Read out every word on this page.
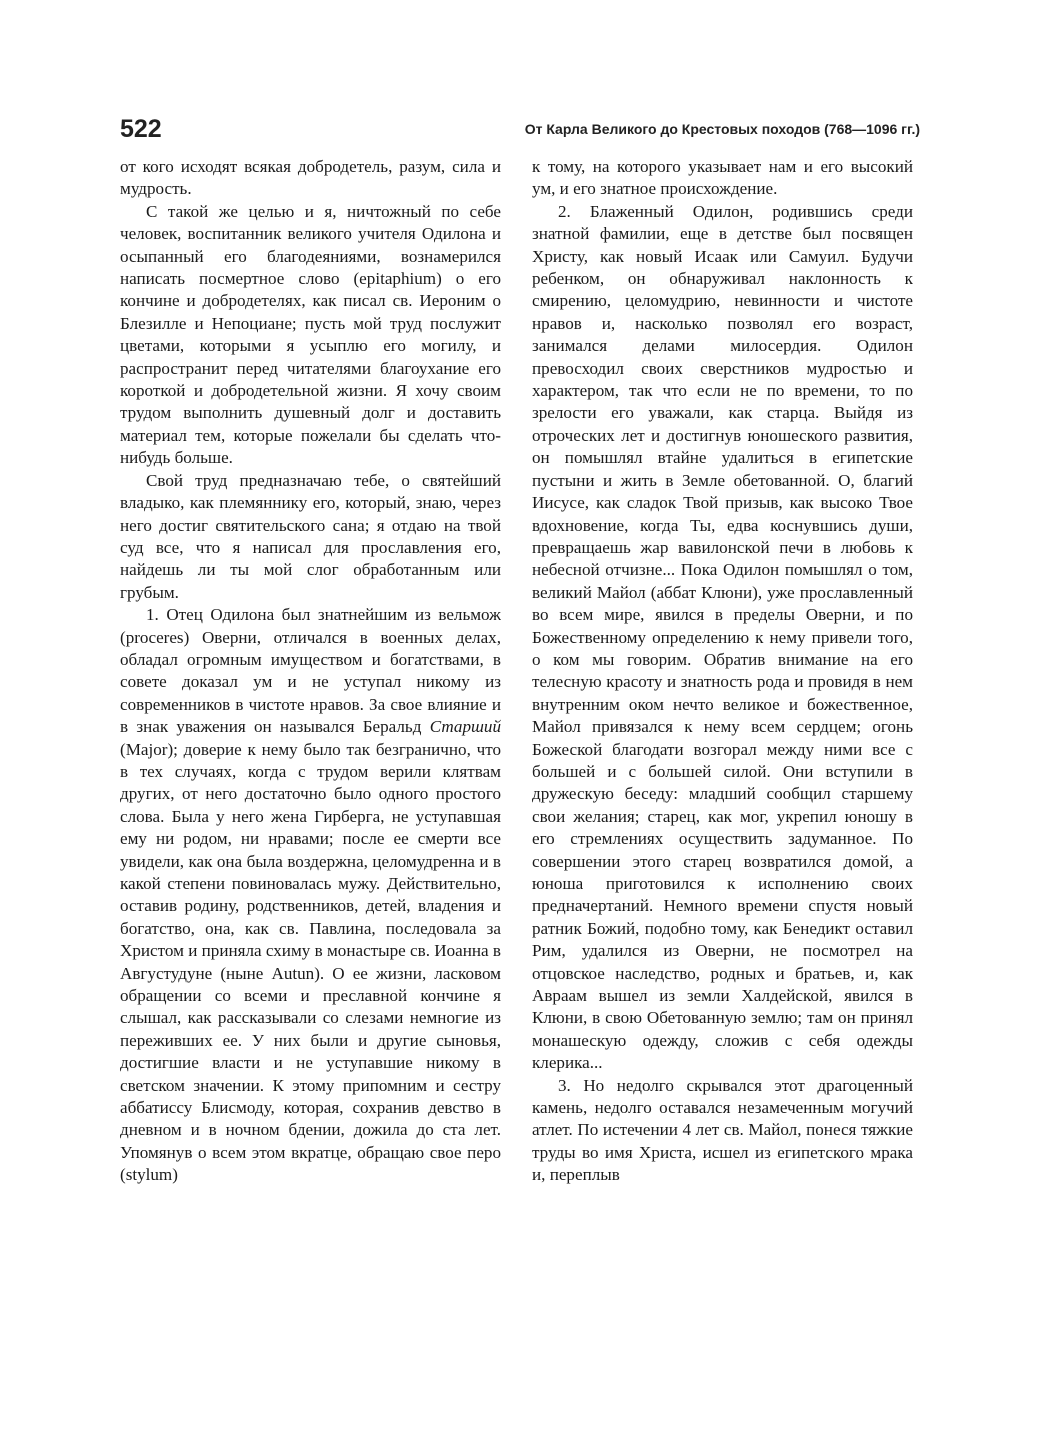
522	От Карла Великого до Крестовых походов (768—1096 гг.)

от кого исходят всякая добродетель, разум, сила и мудрость.

С такой же целью и я, ничтожный по себе человек, воспитанник великого учителя Одилона и осыпанный его благодеяниями, вознамерился написать посмертное слово (epitaphium) о его кончине и добродетелях, как писал св. Иероним о Блезилле и Непоциане; пусть мой труд послужит цветами, которыми я усыплю его могилу, и распространит перед читателями благоухание его короткой и добродетельной жизни. Я хочу своим трудом выполнить душевный долг и доставить материал тем, которые пожелали бы сделать что-нибудь больше.

Свой труд предназначаю тебе, о святейший владыко, как племяннику его, который, знаю, через него достиг святительского сана; я отдаю на твой суд все, что я написал для прославления его, найдешь ли ты мой слог обработанным или грубым.

1. Отец Одилона был знатнейшим из вельмож (proceres) Оверни, отличался в военных делах, обладал огромным имуществом и богатствами, в совете доказал ум и не уступал никому из современников в чистоте нравов. За свое влияние и в знак уважения он назывался Беральд Старший (Major); доверие к нему было так безгранично, что в тех случаях, когда с трудом верили клятвам других, от него достаточно было одного простого слова. Была у него жена Гирберга, не уступавшая ему ни родом, ни нравами; после ее смерти все увидели, как она была воздержна, целомудренна и в какой степени повиновалась мужу. Действительно, оставив родину, родственников, детей, владения и богатство, она, как св. Павлина, последовала за Христом и приняла схиму в монастыре св. Иоанна в Августудуне (ныне Autun). О ее жизни, ласковом обращении со всеми и преславной кончине я слышал, как рассказывали со слезами немногие из переживших ее. У них были и другие сыновья, достигшие власти и не уступавшие никому в светском значении. К этому припомним и сестру аббатиссу Блисмоду, которая, сохранив девство в дневном и в ночном бдении, дожила до ста лет. Упомянув о всем этом вкратце, обращаю свое перо (stylum)

к тому, на которого указывает нам и его высокий ум, и его знатное происхождение.

2. Блаженный Одилон, родившись среди знатной фамилии, еще в детстве был посвящен Христу, как новый Исаак или Самуил. Будучи ребенком, он обнаруживал наклонность к смирению, целомудрию, невинности и чистоте нравов и, насколько позволял его возраст, занимался делами милосердия. Одилон превосходил своих сверстников мудростью и характером, так что если не по времени, то по зрелости его уважали, как старца. Выйдя из отроческих лет и достигнув юношеского развития, он помышлял втайне удалиться в египетские пустыни и жить в Земле обетованной. О, благий Иисусе, как сладок Твой призыв, как высоко Твое вдохновение, когда Ты, едва коснувшись души, превращаешь жар вавилонской печи в любовь к небесной отчизне... Пока Одилон помышлял о том, великий Майол (аббат Клюни), уже прославленный во всем мире, явился в пределы Оверни, и по Божественному определению к нему привели того, о ком мы говорим. Обратив внимание на его телесную красоту и знатность рода и провидя в нем внутренним оком нечто великое и божественное, Майол привязался к нему всем сердцем; огонь Божеской благодати возгорал между ними все с большей и с большей силой. Они вступили в дружескую беседу: младший сообщил старшему свои желания; старец, как мог, укрепил юношу в его стремлениях осуществить задуманное. По совершении этого старец возвратился домой, а юноша приготовился к исполнению своих предначертаний. Немного времени спустя новый ратник Божий, подобно тому, как Бенедикт оставил Рим, удалился из Оверни, не посмотрел на отцовское наследство, родных и братьев, и, как Авраам вышел из земли Халдейской, явился в Клюни, в свою Обетованную землю; там он принял монашескую одежду, сложив с себя одежды клерика...

3. Но недолго скрывался этот драгоценный камень, недолго оставался незамеченным могучий атлет. По истечении 4 лет св. Майол, понеся тяжкие труды во имя Христа, исшел из египетского мрака и, переплыв
